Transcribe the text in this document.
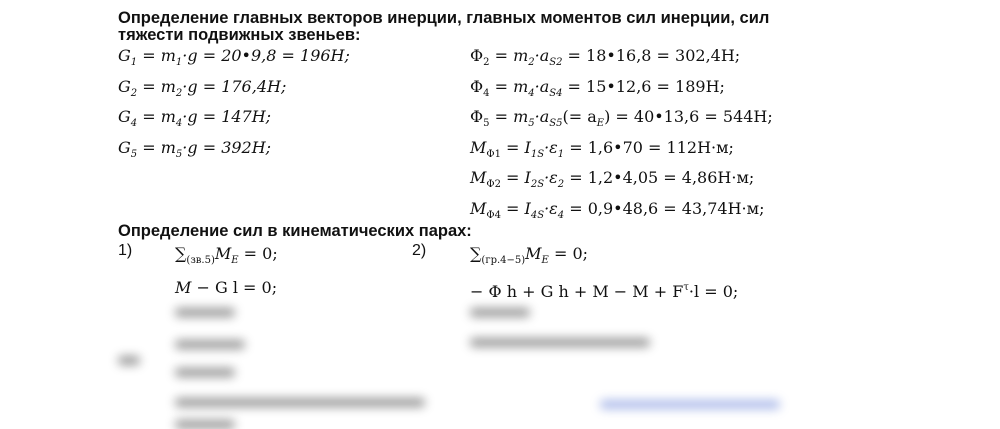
Определение главных векторов инерции, главных моментов сил инерции, сил
тяжести подвижных звеньев:
$G_1 = m_1\cdot g$ = 20•9,8 = 196Н;
$G_2 = m_2\cdot g = 176,4Н$;
$G_4 = m_4\cdot g = 147Н$;
$G_5 = m_5\cdot g = 392Н$;
$\Phi_2 = m_2\cdot a_{S2}$ = 18•16,8 = 302,4Н;
$\Phi_4 = m_4\cdot a_{S4}$ = 15•12,6 = 189Н;
$\Phi_5 = m_5\cdot a_{S5}(= a_E)$ = 40•13,6 = 544Н;
$M_{\Phi 1} = I_{1S}\cdot\varepsilon_1$ = 1,6•70 = 112Н·м;
$M_{\Phi 2} = I_{2S}\cdot\varepsilon_2$ = 1,2•4,05 = 4,86Н·м;
$M_{\Phi 4} = I_{4S}\cdot\varepsilon_4$ = 0,9•48,6 = 43,74Н·м;
Определение сил в кинематических парах:
1)	$\sum_{(зв.5)}M_E = 0$;	2)	$\sum_{(гр.4-5)}M_E = 0$;
M − G l = 0;	− Φ h + G $h + M - M + F^\tau\cdot l = 0$;
